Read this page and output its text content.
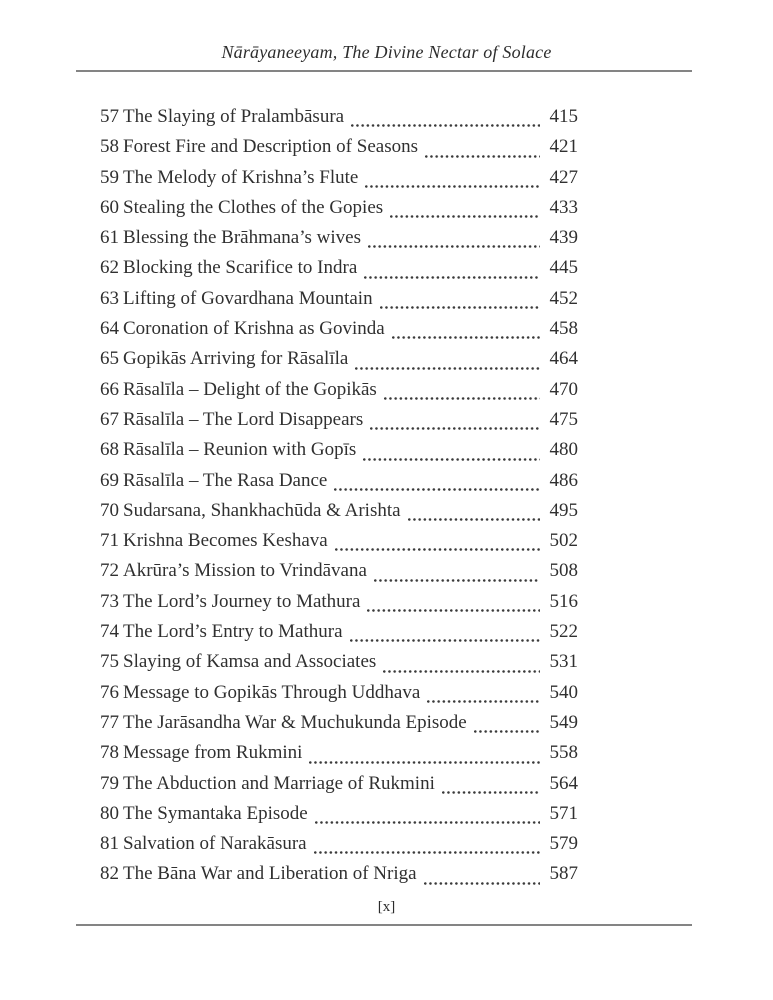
Nārāyaneeyam, The Divine Nectar of Solace
57 The Slaying of Pralambāsura	415
58 Forest Fire and Description of Seasons	421
59 The Melody of Krishna’s Flute	427
60 Stealing the Clothes of the Gopies	433
61 Blessing the Brāhmana’s wives	439
62 Blocking the Scarifice to Indra	445
63 Lifting of Govardhana Mountain	452
64 Coronation of Krishna as Govinda	458
65 Gopikās Arriving for Rāsalīla	464
66 Rāsalīla – Delight of the Gopikās	470
67 Rāsalīla – The Lord Disappears	475
68 Rāsalīla – Reunion with Gopīs	480
69 Rāsalīla – The Rasa Dance	486
70 Sudarsana, Shankhachūda & Arishta	495
71 Krishna Becomes Keshava	502
72 Akrūra’s Mission to Vrindāvana	508
73 The Lord’s Journey to Mathura	516
74 The Lord’s Entry to Mathura	522
75 Slaying of Kamsa and Associates	531
76 Message to Gopikās Through Uddhava	540
77 The Jarāsandha War & Muchukunda Episode	549
78 Message from Rukmini	558
79 The Abduction and Marriage of Rukmini	564
80 The Symantaka Episode	571
81 Salvation of Narakāsura	579
82 The Bāna War and Liberation of Nriga	587
[x]
